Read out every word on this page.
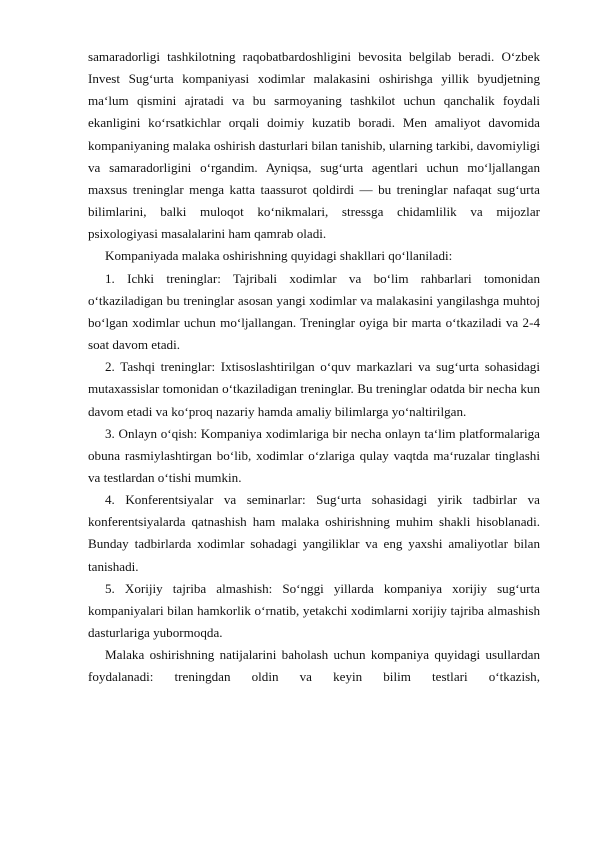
samaradorligi tashkilotning raqobatbardoshligini bevosita belgilab beradi. O‘zbek Invest Sug‘urta kompaniyasi xodimlar malakasini oshirishga yillik byudjetning ma‘lum qismini ajratadi va bu sarmoyaning tashkilot uchun qanchalik foydali ekanligini ko‘rsatkichlar orqali doimiy kuzatib boradi. Men amaliyot davomida kompaniyaning malaka oshirish dasturlari bilan tanishib, ularning tarkibi, davomiyligi va samaradorligini o‘rgandim. Ayniqsa, sug‘urta agentlari uchun mo‘ljallangan maxsus treninglar menga katta taassurot qoldirdi — bu treninglar nafaqat sug‘urta bilimlarini, balki muloqot ko‘nikmalari, stressga chidamlilik va mijozlar psixologiyasi masalalarini ham qamrab oladi.

Kompaniyada malaka oshirishning quyidagi shakllari qo‘llaniladi:

1. Ichki treninglar: Tajribali xodimlar va bo‘lim rahbarlari tomonidan o‘tkaziladigan bu treninglar asosan yangi xodimlar va malakasini yangilashga muhtoj bo‘lgan xodimlar uchun mo‘ljallangan. Treninglar oyiga bir marta o‘tkaziladi va 2-4 soat davom etadi.

2. Tashqi treninglar: Ixtisoslashtirilgan o‘quv markazlari va sug‘urta sohasidagi mutaxassislar tomonidan o‘tkaziladigan treninglar. Bu treninglar odatda bir necha kun davom etadi va ko‘proq nazariy hamda amaliy bilimlarga yo‘naltirilgan.

3. Onlayn o‘qish: Kompaniya xodimlariga bir necha onlayn ta‘lim platformalariga obuna rasmiylashtirgan bo‘lib, xodimlar o‘zlariga qulay vaqtda ma‘ruzalar tinglashi va testlardan o‘tishi mumkin.

4. Konferentsiyalar va seminarlar: Sug‘urta sohasidagi yirik tadbirlar va konferentsiyalarda qatnashish ham malaka oshirishning muhim shakli hisoblanadi. Bunday tadbirlarda xodimlar sohadagi yangiliklar va eng yaxshi amaliyotlar bilan tanishadi.

5. Xorijiy tajriba almashish: So‘nggi yillarda kompaniya xorijiy sug‘urta kompaniyalari bilan hamkorlik o‘rnatib, yetakchi xodimlarni xorijiy tajriba almashish dasturlariga yubormoqda.

Malaka oshirishning natijalarini baholash uchun kompaniya quyidagi usullardan foydalanadi: treningdan oldin va keyin bilim testlari o‘tkazish,
